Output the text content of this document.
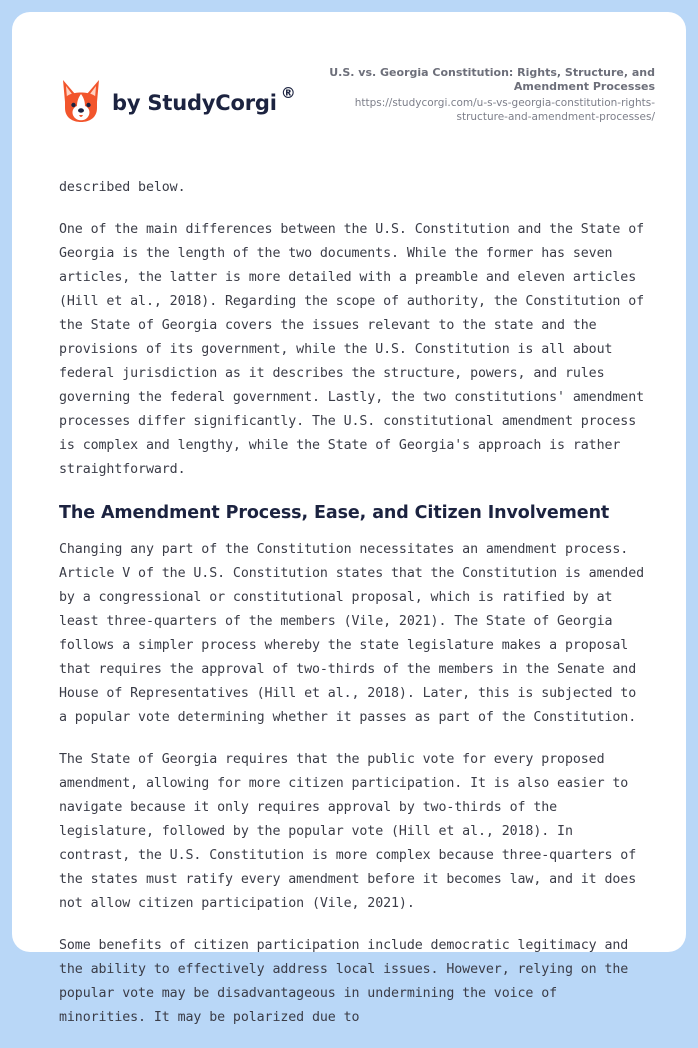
by StudyCorgi ®
U.S. vs. Georgia Constitution: Rights, Structure, and Amendment Processes
https://studycorgi.com/u-s-vs-georgia-constitution-rights-structure-and-amendment-processes/

described below.

One of the main differences between the U.S. Constitution and the State of Georgia is the length of the two documents. While the former has seven articles, the latter is more detailed with a preamble and eleven articles (Hill et al., 2018). Regarding the scope of authority, the Constitution of the State of Georgia covers the issues relevant to the state and the provisions of its government, while the U.S. Constitution is all about federal jurisdiction as it describes the structure, powers, and rules governing the federal government. Lastly, the two constitutions' amendment processes differ significantly. The U.S. constitutional amendment process is complex and lengthy, while the State of Georgia's approach is rather straightforward.

The Amendment Process, Ease, and Citizen Involvement

Changing any part of the Constitution necessitates an amendment process. Article V of the U.S. Constitution states that the Constitution is amended by a congressional or constitutional proposal, which is ratified by at least three-quarters of the members (Vile, 2021). The State of Georgia follows a simpler process whereby the state legislature makes a proposal that requires the approval of two-thirds of the members in the Senate and House of Representatives (Hill et al., 2018). Later, this is subjected to a popular vote determining whether it passes as part of the Constitution.

The State of Georgia requires that the public vote for every proposed amendment, allowing for more citizen participation. It is also easier to navigate because it only requires approval by two-thirds of the legislature, followed by the popular vote (Hill et al., 2018). In contrast, the U.S. Constitution is more complex because three-quarters of the states must ratify every amendment before it becomes law, and it does not allow citizen participation (Vile, 2021).

Some benefits of citizen participation include democratic legitimacy and the ability to effectively address local issues. However, relying on the popular vote may be disadvantageous in undermining the voice of minorities. It may be polarized due to
